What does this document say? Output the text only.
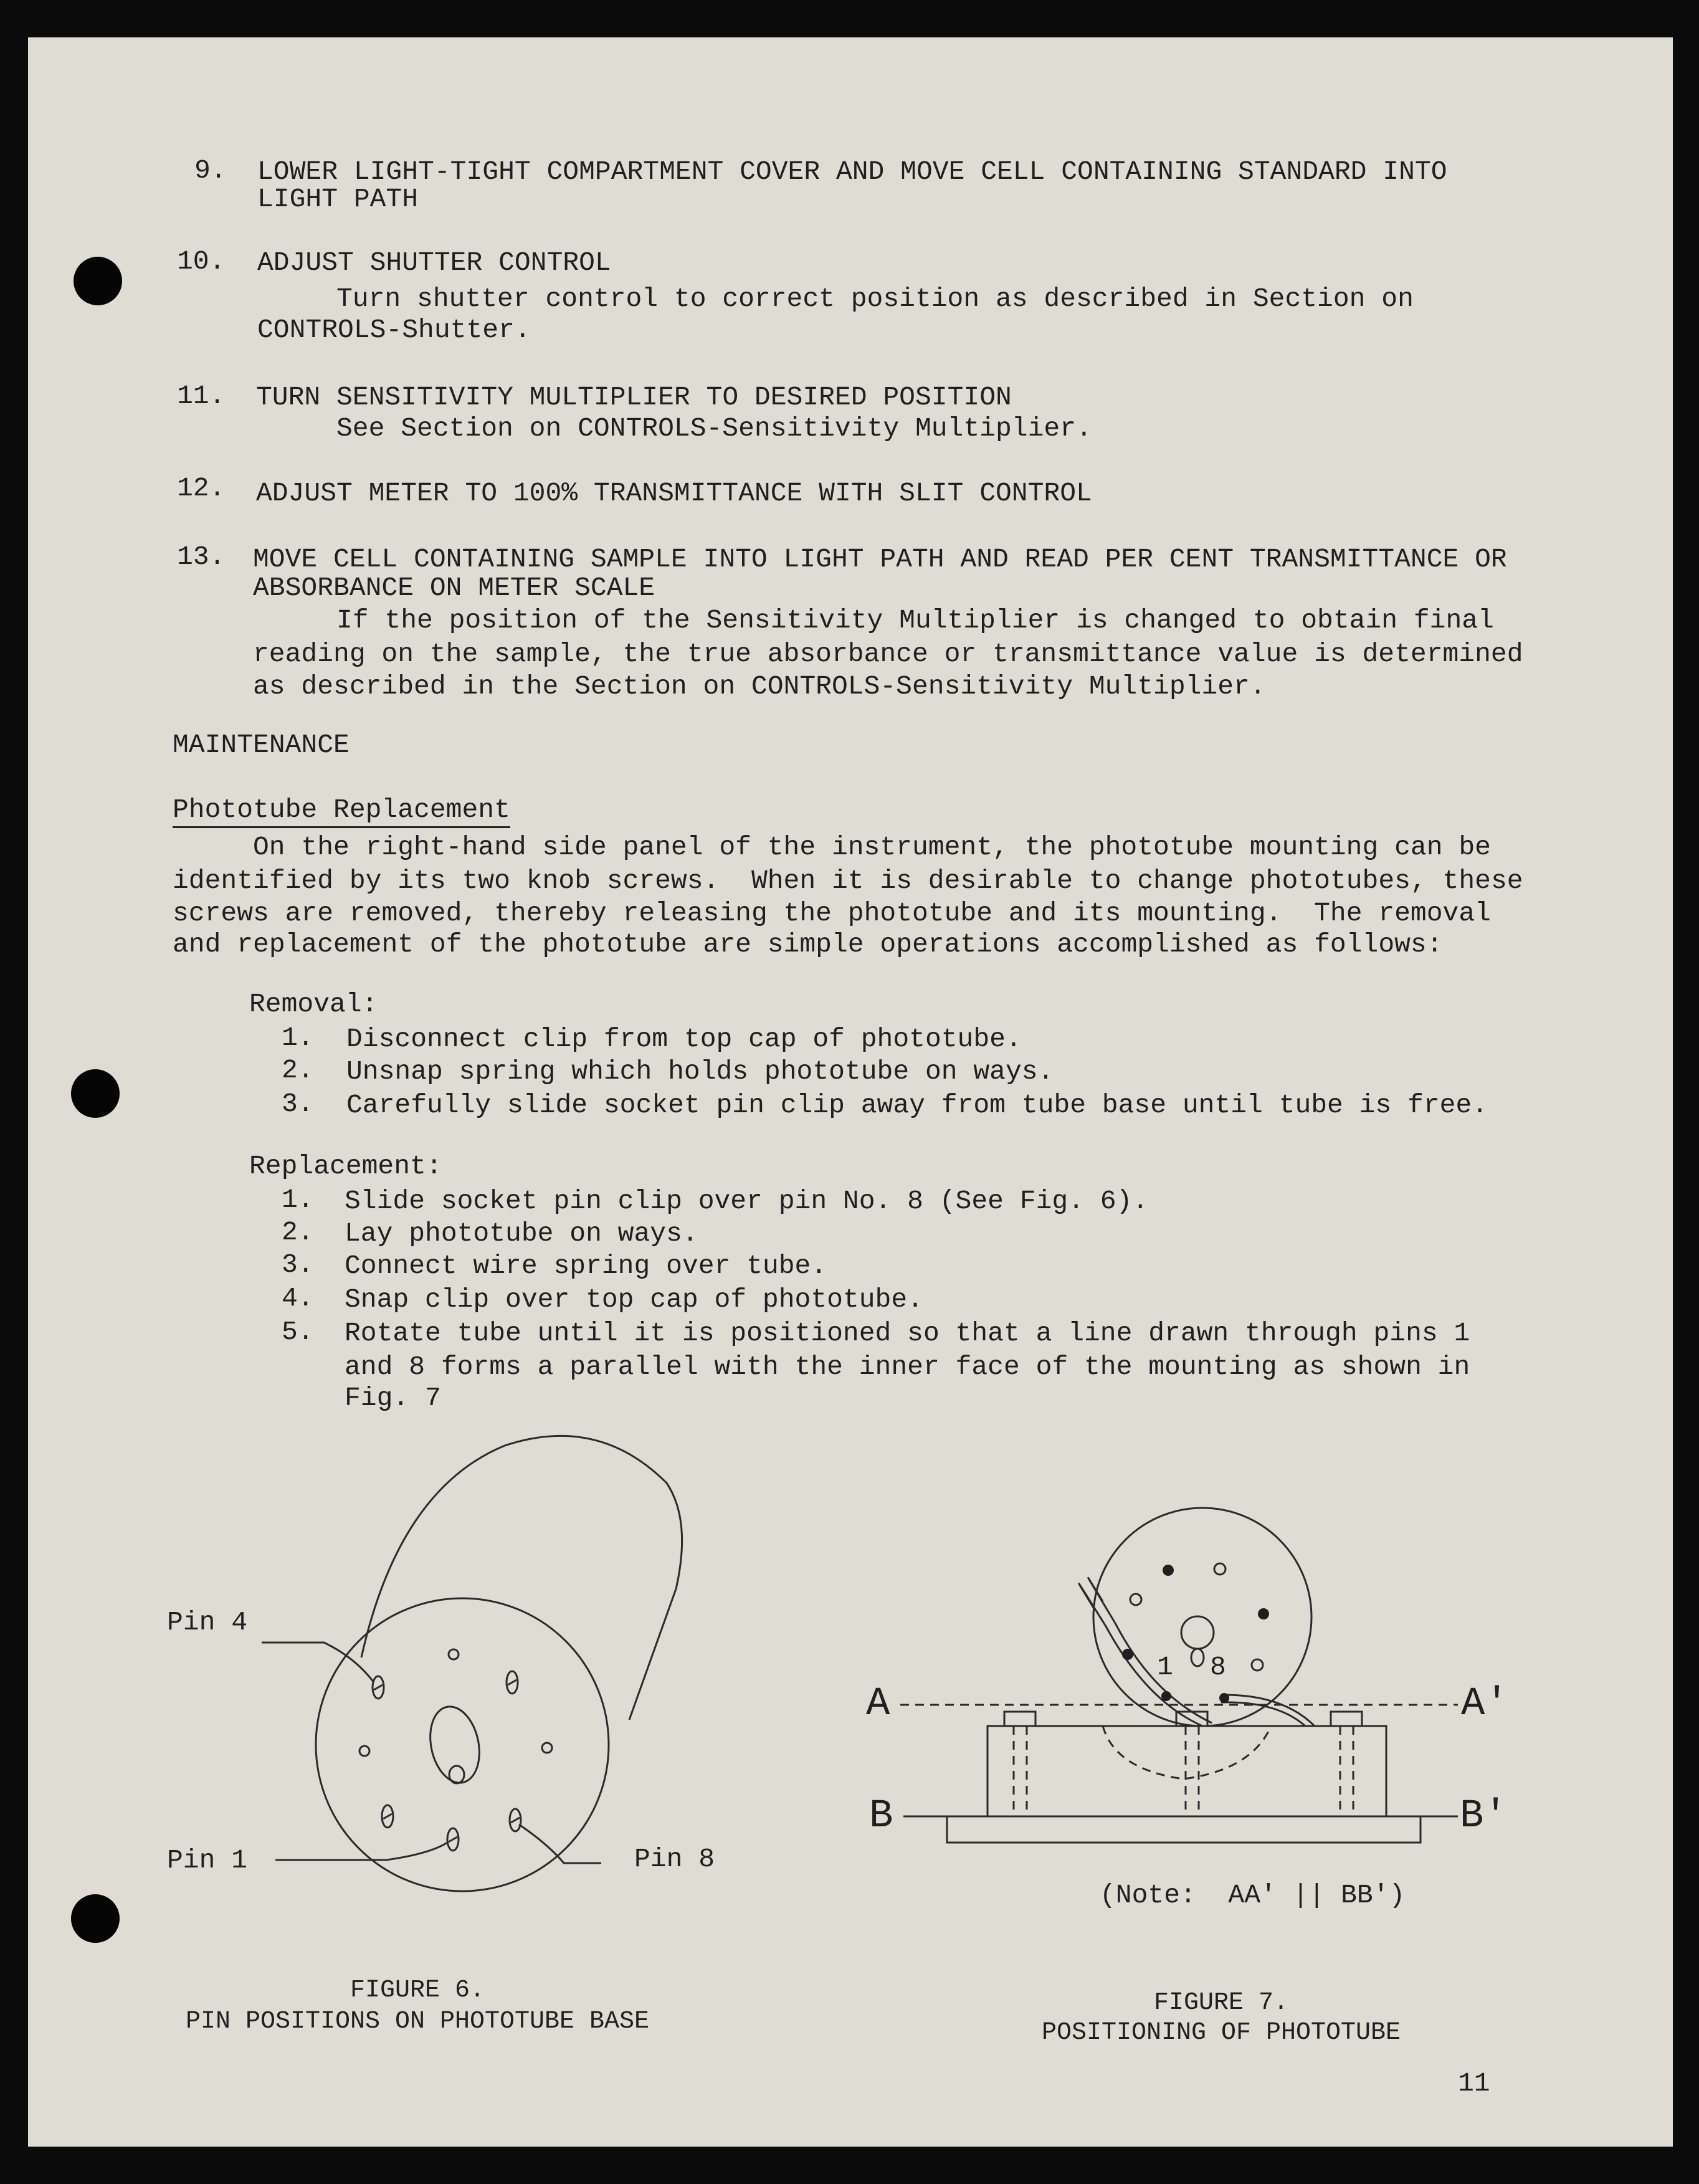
9. LOWER LIGHT-TIGHT COMPARTMENT COVER AND MOVE CELL CONTAINING STANDARD INTO
LIGHT PATH
10. ADJUST SHUTTER CONTROL
Turn shutter control to correct position as described in Section on
CONTROLS-Shutter.
11. TURN SENSITIVITY MULTIPLIER TO DESIRED POSITION
See Section on CONTROLS-Sensitivity Multiplier.
12. ADJUST METER TO 100% TRANSMITTANCE WITH SLIT CONTROL
13. MOVE CELL CONTAINING SAMPLE INTO LIGHT PATH AND READ PER CENT TRANSMITTANCE OR
ABSORBANCE ON METER SCALE
If the position of the Sensitivity Multiplier is changed to obtain final
reading on the sample, the true absorbance or transmittance value is determined
as described in the Section on CONTROLS-Sensitivity Multiplier.
MAINTENANCE
Phototube Replacement
On the right-hand side panel of the instrument, the phototube mounting can be
identified by its two knob screws.  When it is desirable to change phototubes, these
screws are removed, thereby releasing the phototube and its mounting.  The removal
and replacement of the phototube are simple operations accomplished as follows:
Removal:
1. Disconnect clip from top cap of phototube.
2. Unsnap spring which holds phototube on ways.
3. Carefully slide socket pin clip away from tube base until tube is free.
Replacement:
1. Slide socket pin clip over pin No. 8 (See Fig. 6).
2. Lay phototube on ways.
3. Connect wire spring over tube.
4. Snap clip over top cap of phototube.
5. Rotate tube until it is positioned so that a line drawn through pins 1
and 8 forms a parallel with the inner face of the mounting as shown in
Fig. 7
Pin 4
Pin 1	Pin 8
FIGURE 6.
PIN POSITIONS ON PHOTOTUBE BASE
1 8
A	A'
B	B'
(Note:  AA' || BB')
FIGURE 7.
POSITIONING OF PHOTOTUBE
11
